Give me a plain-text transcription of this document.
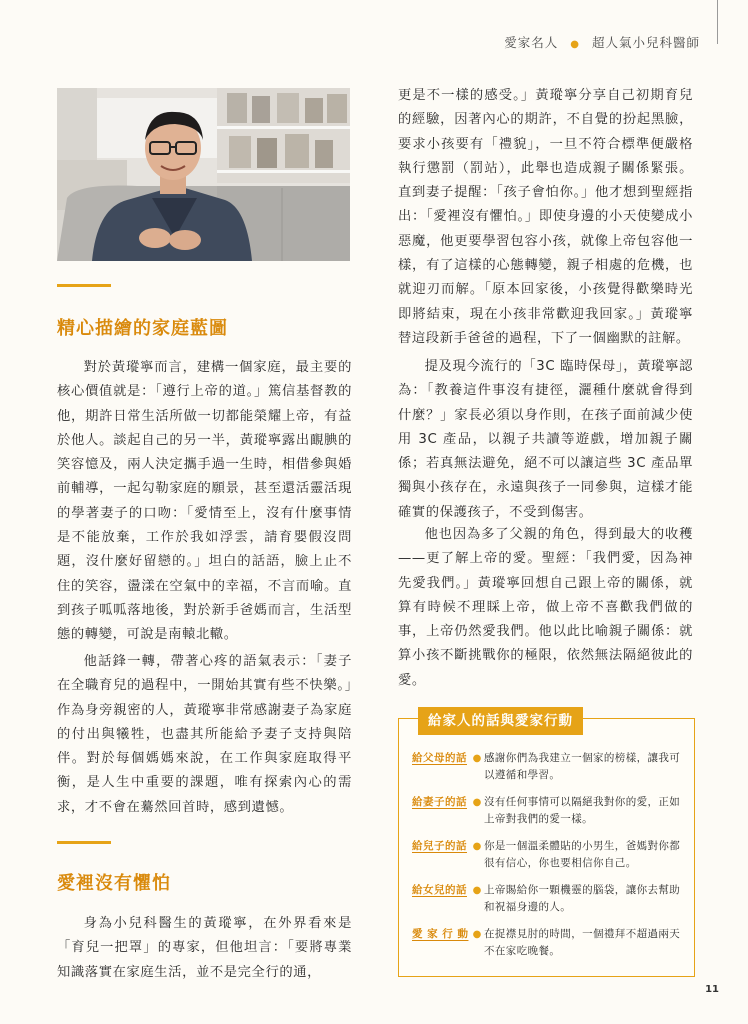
愛家名人 ● 超人氣小兒科醫師
精心描繪的家庭藍圖

對於黃瑽寧而言，建構一個家庭，最主要的核心價值就是：「遵行上帝的道。」篤信基督教的他，期許日常生活所做一切都能榮耀上帝，有益於他人。談起自己的另一半，黃瑽寧露出靦腆的笑容憶及，兩人決定攜手過一生時，相借參與婚前輔導，一起勾勒家庭的願景，甚至還活靈活現的學著妻子的口吻：「愛情至上，沒有什麼事情是不能放棄，工作於我如浮雲，請育嬰假沒問題，沒什麼好留戀的。」坦白的話語，臉上止不住的笑容，盪漾在空氣中的幸福，不言而喻。直到孩子呱呱落地後，對於新手爸媽而言，生活型態的轉變，可說是南轅北轍。

他話鋒一轉，帶著心疼的語氣表示：「妻子在全職育兒的過程中，一開始其實有些不快樂。」作為身旁親密的人，黃瑽寧非常感謝妻子為家庭的付出與犧牲，也盡其所能給予妻子支持與陪伴。對於每個媽媽來說，在工作與家庭取得平衡，是人生中重要的課題，唯有探索內心的需求，才不會在驀然回首時，感到遺憾。

愛裡沒有懼怕

身為小兒科醫生的黃瑽寧，在外界看來是「育兒一把罩」的專家，但他坦言：「要將專業知識落實在家庭生活，並不是完全行的通，

更是不一樣的感受。」黃瑽寧分享自己初期育兒的經驗，因著內心的期許，不自覺的扮起黑臉，要求小孩要有「禮貌」，一旦不符合標準便嚴格執行懲罰（罰站），此舉也造成親子關係緊張。直到妻子提醒：「孩子會怕你。」他才想到聖經指出：「愛裡沒有懼怕。」即使身邊的小天使變成小惡魔，他更要學習包容小孩，就像上帝包容他一樣，有了這樣的心態轉變，親子相處的危機，也就迎刃而解。「原本回家後，小孩覺得歡樂時光即將結束，現在小孩非常歡迎我回家。」黃瑽寧替這段新手爸爸的過程，下了一個幽默的註解。

提及現今流行的「3C 臨時保母」，黃瑽寧認為：「教養這件事沒有捷徑，灑種什麼就會得到什麼？」家長必須以身作則，在孩子面前減少使用 3C 產品，以親子共讀等遊戲，增加親子關係；若真無法避免，絕不可以讓這些 3C 產品單獨與小孩存在，永遠與孩子一同參與，這樣才能確實的保護孩子，不受到傷害。

他也因為多了父親的角色，得到最大的收穫——更了解上帝的愛。聖經：「我們愛，因為神先愛我們。」黃瑽寧回想自己跟上帝的關係，就算有時候不理睬上帝，做上帝不喜歡我們做的事，上帝仍然愛我們。他以此比喻親子關係：就算小孩不斷挑戰你的極限，依然無法隔絕彼此的愛。

給家人的話與愛家行動
給父母的話 ● 感謝你們為我建立一個家的榜樣，讓我可以遵循和學習。
給妻子的話 ● 沒有任何事情可以隔絕我對你的愛，正如上帝對我們的愛一樣。
給兒子的話 ● 你是一個溫柔體貼的小男生，爸媽對你都很有信心，你也要相信你自己。
給女兒的話 ● 上帝賜給你一顆機靈的腦袋，讓你去幫助和祝福身邊的人。
愛 家 行 動 ● 在捉襟見肘的時間，一個禮拜不超過兩天不在家吃晚餐。
11
